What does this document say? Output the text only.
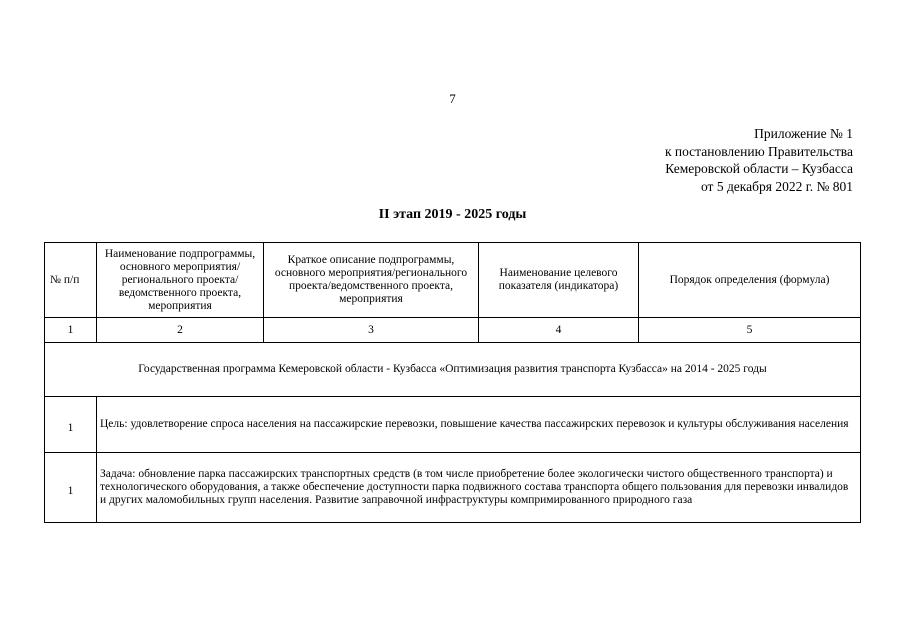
7
Приложение № 1
к постановлению Правительства
Кемеровской области – Кузбасса
от 5 декабря 2022 г. № 801
II этап 2019 - 2025 годы
№ п/п	Наименование подпрограммы, основного мероприятия/регионального проекта/ведомственного проекта, мероприятия	Краткое описание подпрограммы, основного мероприятия/регионального проекта/ведомственного проекта, мероприятия	Наименование целевого показателя (индикатора)	Порядок определения (формула)
1	2	3	4	5
Государственная программа Кемеровской области - Кузбасса «Оптимизация развития транспорта Кузбасса» на 2014 - 2025 годы				
1	Цель: удовлетворение спроса населения на пассажирские перевозки, повышение качества пассажирских перевозок и культуры обслуживания населения			
1	Задача: обновление парка пассажирских транспортных средств (в том числе приобретение более экологически чистого общественного транспорта) и технологического оборудования, а также обеспечение доступности парка подвижного состава транспорта общего пользования для перевозки инвалидов и других маломобильных групп населения. Развитие заправочной инфраструктуры компримированного природного газа			
